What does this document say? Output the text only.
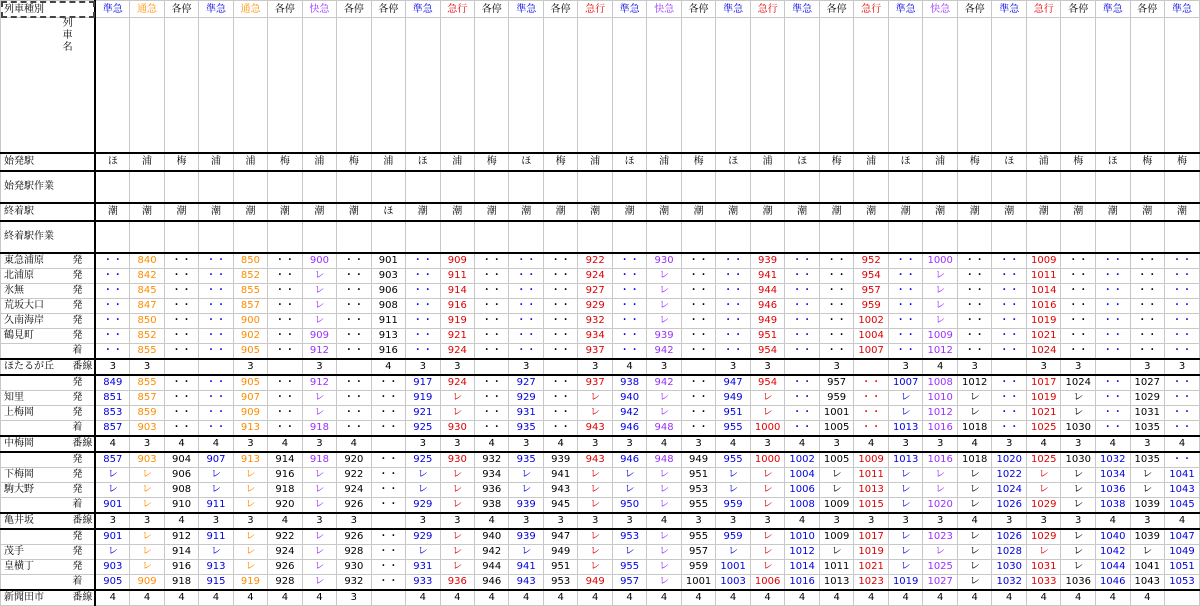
列車種別		準急	通急	各停	準急	通急	各停	快急	各停	各停	準急	急行	各停	準急	各停	急行	準急	快急	各停	準急	急行	準急	各停	急行	準急	快急	各停	準急	急行	各停	準急	各停	準急
列車名																																	
始発駅		ほ	浦	梅	浦	浦	梅	浦	梅	浦	ほ	浦	梅	ほ	梅	浦	ほ	浦	梅	ほ	浦	ほ	梅	浦	ほ	浦	梅	ほ	浦	梅	ほ	梅	梅
始発駅作業																																	
終着駅		潮	潮	潮	潮	潮	潮	潮	潮	ほ	潮	潮	潮	潮	潮	潮	潮	潮	潮	潮	潮	潮	潮	潮	潮	潮	潮	潮	潮	潮	潮	潮	潮
終着駅作業																																	
東急浦原	発	・・	840	・・	・・	850	・・	900	・・	901	・・	909	・・	・・	・・	922	・・	930	・・	・・	939	・・	・・	952	・・	1000	・・	・・	1009	・・	・・	・・	・・
北浦原	発	・・	842	・・	・・	852	・・	レ	・・	903	・・	911	・・	・・	・・	924	・・	レ	・・	・・	941	・・	・・	954	・・	レ	・・	・・	1011	・・	・・	・・	・・
氷無	発	・・	845	・・	・・	855	・・	レ	・・	906	・・	914	・・	・・	・・	927	・・	レ	・・	・・	944	・・	・・	957	・・	レ	・・	・・	1014	・・	・・	・・	・・
荒坂大口	発	・・	847	・・	・・	857	・・	レ	・・	908	・・	916	・・	・・	・・	929	・・	レ	・・	・・	946	・・	・・	959	・・	レ	・・	・・	1016	・・	・・	・・	・・
久南海岸	発	・・	850	・・	・・	900	・・	レ	・・	911	・・	919	・・	・・	・・	932	・・	レ	・・	・・	949	・・	・・	1002	・・	レ	・・	・・	1019	・・	・・	・・	・・
鶴見町	発	・・	852	・・	・・	902	・・	909	・・	913	・・	921	・・	・・	・・	934	・・	939	・・	・・	951	・・	・・	1004	・・	1009	・・	・・	1021	・・	・・	・・	・・
	着	・・	855	・・	・・	905	・・	912	・・	916	・・	924	・・	・・	・・	937	・・	942	・・	・・	954	・・	・・	1007	・・	1012	・・	・・	1024	・・	・・	・・	・・
ほたるが丘	番線	3	3			3		3		4	3	3		3		3	4	3		3	3		3		3	4	3		3	3		3	3
	発	849	855	・・	・・	905	・・	912	・・	・・	917	924	・・	927	・・	937	938	942	・・	947	954	・・	957	・・	1007	1008	1012	・・	1017	1024	・・	1027	・・
知里	発	851	857	・・	・・	907	・・	レ	・・	・・	919	レ	・・	929	・・	レ	940	レ	・・	949	レ	・・	959	・・	レ	1010	レ	・・	1019	レ	・・	1029	・・
上梅岡	発	853	859	・・	・・	909	・・	レ	・・	・・	921	レ	・・	931	・・	レ	942	レ	・・	951	レ	・・	1001	・・	レ	1012	レ	・・	1021	レ	・・	1031	・・
	着	857	903	・・	・・	913	・・	918	・・	・・	925	930	・・	935	・・	943	946	948	・・	955	1000	・・	1005	・・	1013	1016	1018	・・	1025	1030	・・	1035	・・
中梅岡	番線	4	3	4	4	3	4	3	4		3	3	4	3	4	3	3	4	3	4	3	4	3	4	3	3	4	3	4	3	4	3	4
	発	857	903	904	907	913	914	918	920	・・	925	930	932	935	939	943	946	948	949	955	1000	1002	1005	1009	1013	1016	1018	1020	1025	1030	1032	1035	・・
下梅岡	発	レ	レ	906	レ	レ	916	レ	922	・・	レ	レ	934	レ	941	レ	レ	レ	951	レ	レ	1004	レ	1011	レ	レ	レ	1022	レ	レ	1034	レ	1041
駒大野	発	レ	レ	908	レ	レ	918	レ	924	・・	レ	レ	936	レ	943	レ	レ	レ	953	レ	レ	1006	レ	1013	レ	レ	レ	1024	レ	レ	1036	レ	1043
	着	901	レ	910	911	レ	920	レ	926	・・	929	レ	938	939	945	レ	950	レ	955	959	レ	1008	1009	1015	レ	1020	レ	1026	1029	レ	1038	1039	1045
亀井坂	番線	3	3	4	3	3	4	3	3		3	3	4	3	3	3	3	4	3	3	3	4	3	3	3	3	4	3	3	3	4	3	4
	発	901	レ	912	911	レ	922	レ	926	・・	929	レ	940	939	947	レ	953	レ	955	959	レ	1010	1009	1017	レ	1023	レ	1026	1029	レ	1040	1039	1047
茂手	発	レ	レ	914	レ	レ	924	レ	928	・・	レ	レ	942	レ	949	レ	レ	レ	957	レ	レ	1012	レ	1019	レ	レ	レ	1028	レ	レ	1042	レ	1049
皇横丁	発	903	レ	916	913	レ	926	レ	930	・・	931	レ	944	941	951	レ	955	レ	959	1001	レ	1014	1011	1021	レ	1025	レ	1030	1031	レ	1044	1041	1051
	着	905	909	918	915	919	928	レ	932	・・	933	936	946	943	953	949	957	レ	1001	1003	1006	1016	1013	1023	1019	1027	レ	1032	1033	1036	1046	1043	1053
新聞田市	番線	4	4	4	4	4	4	4	3		4	4	4	4	4	4	4	4	4	4	4	4	4	4	4	4	4	4	4	4	4	4	
